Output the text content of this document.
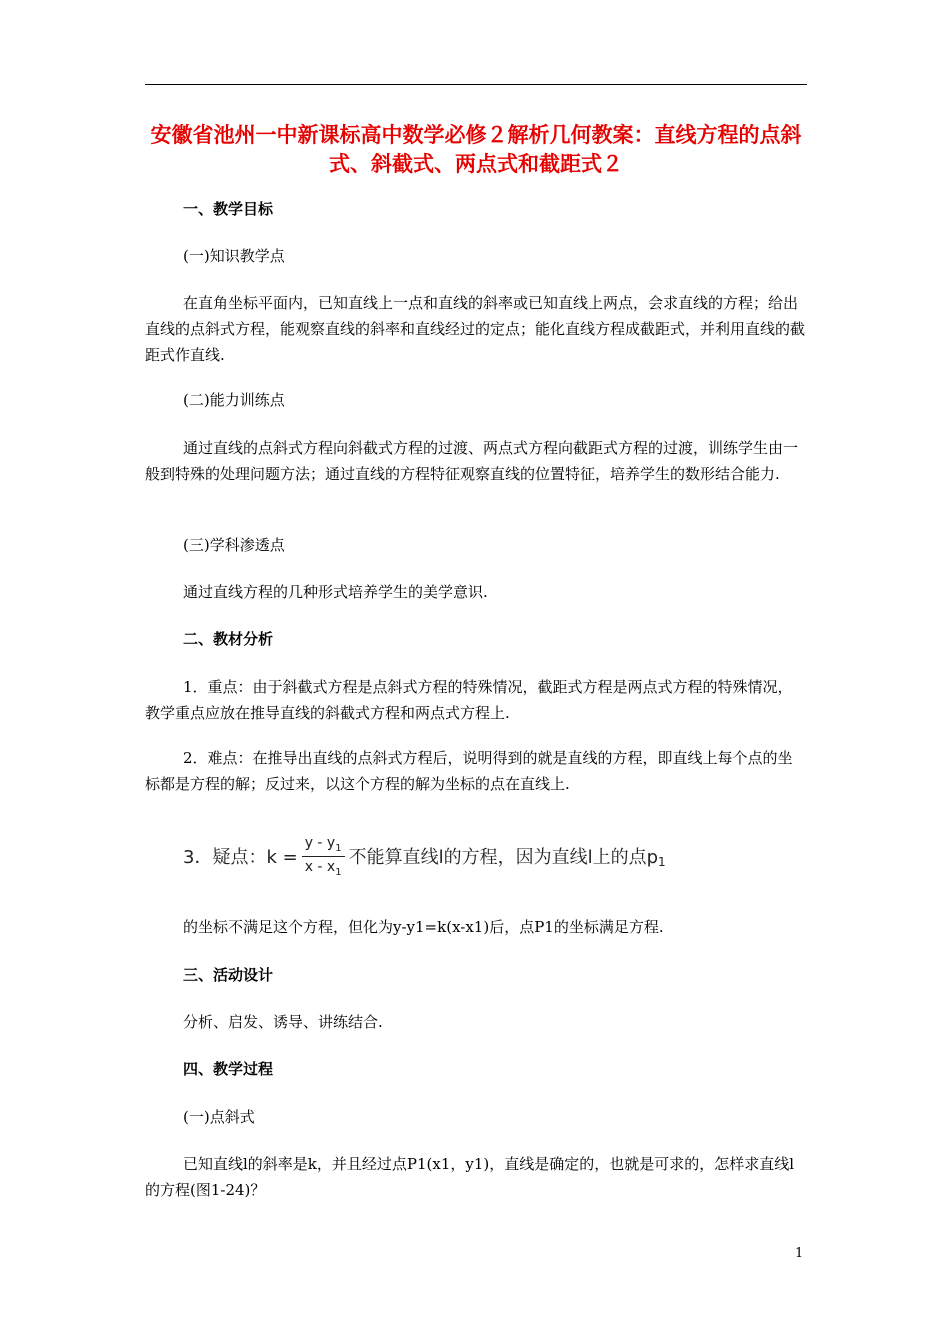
安徽省池州一中新课标高中数学必修２解析几何教案：直线方程的点斜式、斜截式、两点式和截距式２
一、教学目标
(一)知识教学点
在直角坐标平面内，已知直线上一点和直线的斜率或已知直线上两点，会求直线的方程；给出直线的点斜式方程，能观察直线的斜率和直线经过的定点；能化直线方程成截距式，并利用直线的截距式作直线.
(二)能力训练点
通过直线的点斜式方程向斜截式方程的过渡、两点式方程向截距式方程的过渡，训练学生由一般到特殊的处理问题方法；通过直线的方程特征观察直线的位置特征，培养学生的数形结合能力.
(三)学科渗透点
通过直线方程的几种形式培养学生的美学意识.
二、教材分析
1．重点：由于斜截式方程是点斜式方程的特殊情况，截距式方程是两点式方程的特殊情况，教学重点应放在推导直线的斜截式方程和两点式方程上.
2．难点：在推导出直线的点斜式方程后，说明得到的就是直线的方程，即直线上每个点的坐标都是方程的解；反过来，以这个方程的解为坐标的点在直线上.
3．疑点：$k = \frac{y - y_1}{x - x_1}$ 不能算直线l的方程，因为直线l上的点$p_1$
的坐标不满足这个方程，但化为y-y1=k(x-x1)后，点P1的坐标满足方程.
三、活动设计
分析、启发、诱导、讲练结合.
四、教学过程
(一)点斜式
已知直线l的斜率是k，并且经过点P1(x1，y1)，直线是确定的，也就是可求的，怎样求直线l的方程(图1-24)？
1
